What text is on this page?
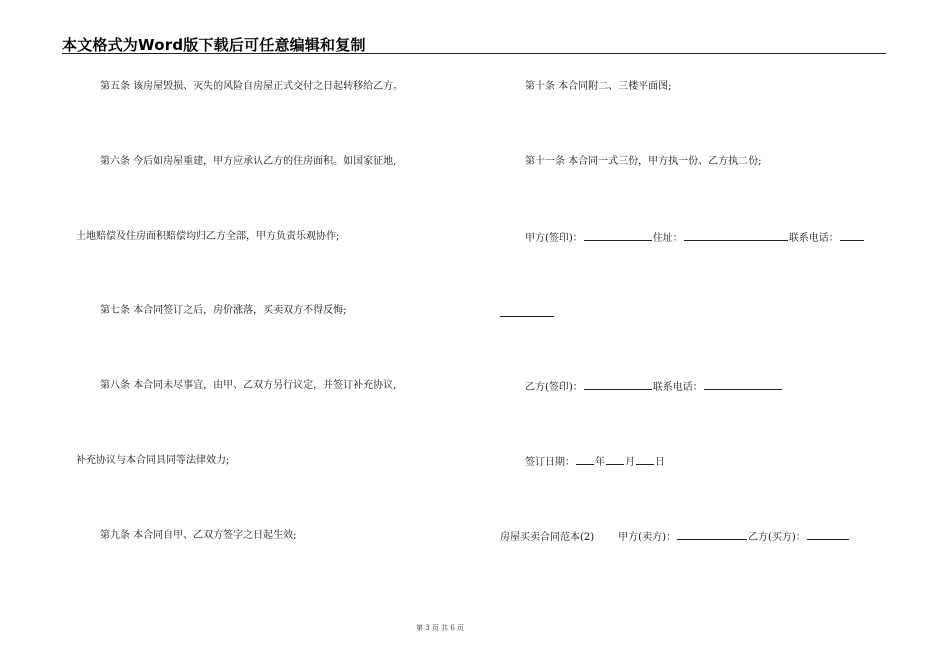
本文格式为Word版下载后可任意编辑和复制
第五条 该房屋毁损、灭失的风险自房屋正式交付之日起转移给乙方。
第六条 今后如房屋重建，甲方应承认乙方的住房面积。如国家征地,
土地赔偿及住房面积赔偿均归乙方全部，甲方负责乐观协作;
第七条 本合同签订之后，房价涨落，买卖双方不得反悔;
第八条 本合同未尽事宜，由甲、乙双方另行议定，并签订补充协议,
补充协议与本合同具同等法律效力;
第九条 本合同自甲、乙双方签字之日起生效;
第十条 本合同附二、三楼平面图;
第十一条 本合同一式三份，甲方执一份、乙方执二份;
甲方(签印)：	住址：	联系电话：
乙方(签印)：	联系电话：
签订日期： 年 月 日
房屋买卖合同范本(2) 甲方(卖方)：	乙方(买方)：
第 3 页 共 6 页
